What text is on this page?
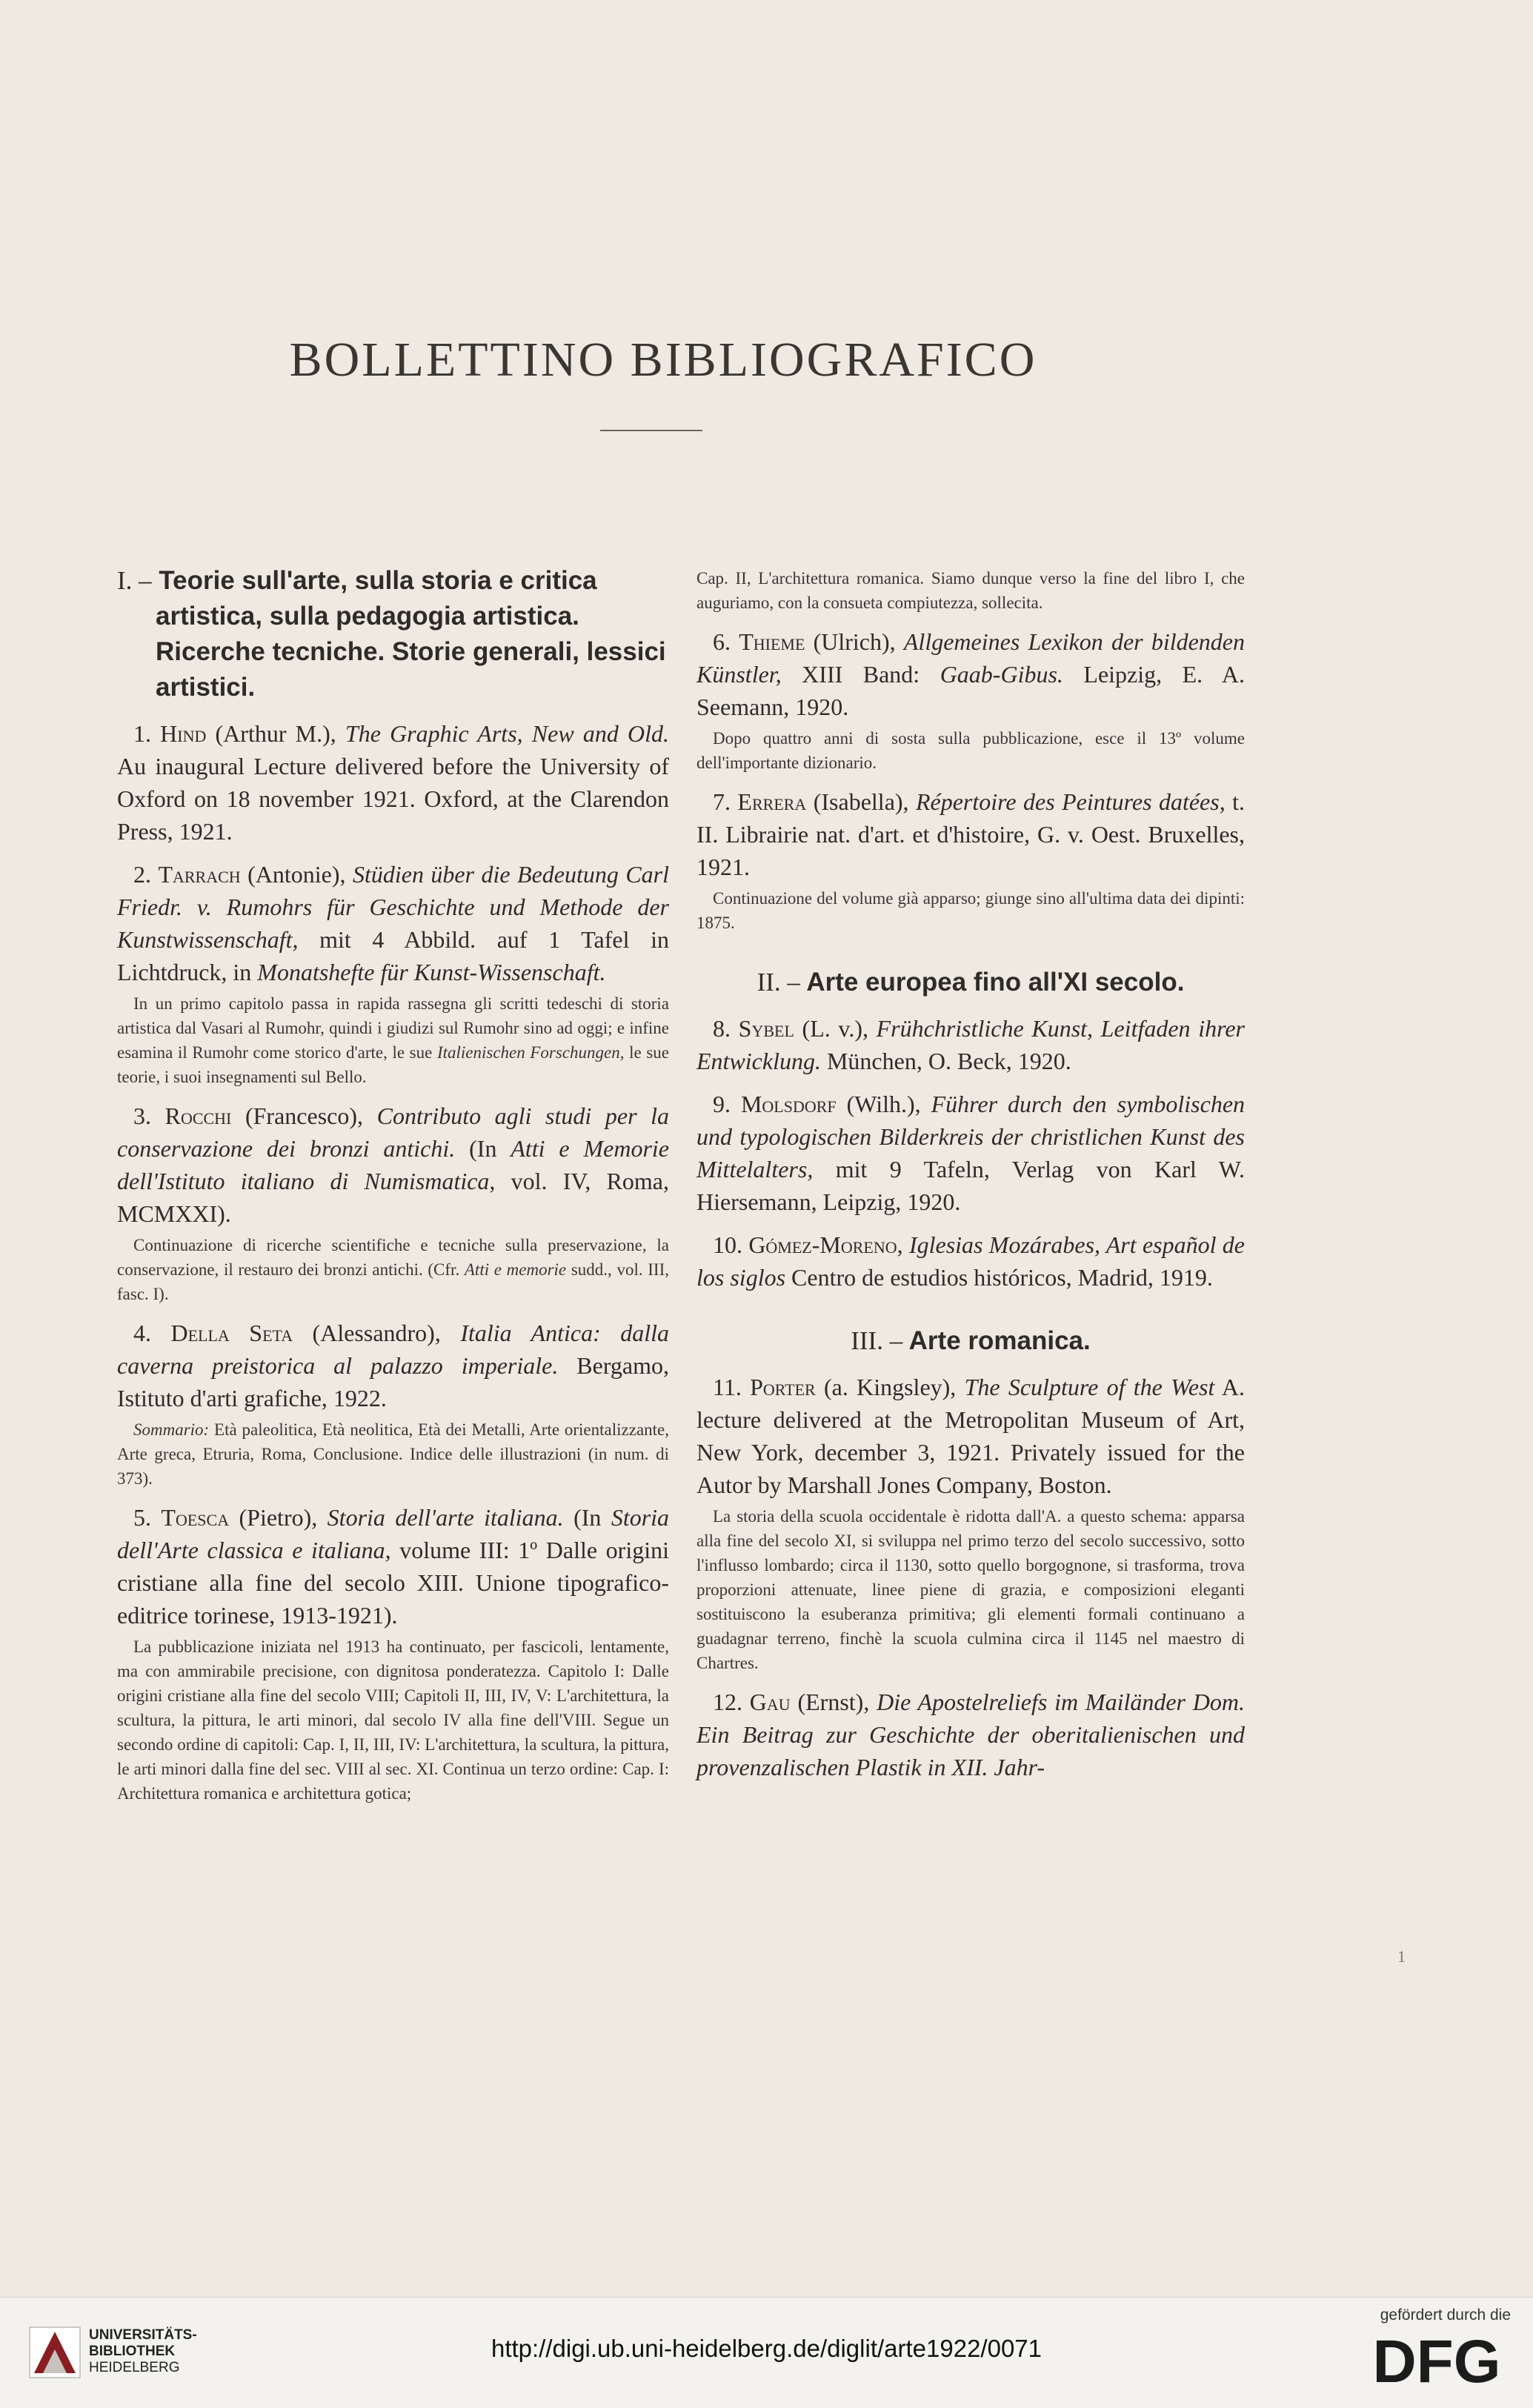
BOLLETTINO BIBLIOGRAFICO
I. – Teorie sull'arte, sulla storia e critica artistica, sulla pedagogia artistica. Ricerche tecniche. Storie generali, lessici artistici.

1. Hind (Arthur M.), The Graphic Arts, New and Old. Au inaugural Lecture delivered before the University of Oxford on 18 november 1921. Oxford, at the Clarendon Press, 1921.

2. Tarrach (Antonie), Stüdien über die Bedeutung Carl Friedr. v. Rumohrs für Geschichte und Methode der Kunstwissenschaft, mit 4 Abbild. auf 1 Tafel in Lichtdruck, in Monatshefte für Kunst-Wissenschaft.

In un primo capitolo passa in rapida rassegna gli scritti tedeschi di storia artistica dal Vasari al Rumohr, quindi i giudizi sul Rumohr sino ad oggi; e infine esamina il Rumohr come storico d'arte, le sue Italienischen Forschungen, le sue teorie, i suoi insegnamenti sul Bello.

3. Rocchi (Francesco), Contributo agli studi per la conservazione dei bronzi antichi. (In Atti e Memorie dell'Istituto italiano di Numismatica, vol. IV, Roma, MCMXXI).

Continuazione di ricerche scientifiche e tecniche sulla preservazione, la conservazione, il restauro dei bronzi antichi. (Cfr. Atti e memorie sudd., vol. III, fasc. I).

4. Della Seta (Alessandro), Italia Antica: dalla caverna preistorica al palazzo imperiale. Bergamo, Istituto d'arti grafiche, 1922.

Sommario: Età paleolitica, Età neolitica, Età dei Metalli, Arte orientalizzante, Arte greca, Etruria, Roma, Conclusione. Indice delle illustrazioni (in num. di 373).

5. Toesca (Pietro), Storia dell'arte italiana. (In Storia dell'Arte classica e italiana, volume III: 1º Dalle origini cristiane alla fine del secolo XIII. Unione tipografico-editrice torinese, 1913-1921).

La pubblicazione iniziata nel 1913 ha continuato, per fascicoli, lentamente, ma con ammirabile precisione, con dignitosa ponderatezza. Capitolo I: Dalle origini cristiane alla fine del secolo VIII; Capitoli II, III, IV, V: L'architettura, la scultura, la pittura, le arti minori, dal secolo IV alla fine dell'VIII. Segue un secondo ordine di capitoli: Cap. I, II, III, IV: L'architettura, la scultura, la pittura, le arti minori dalla fine del sec. VIII al sec. XI. Continua un terzo ordine: Cap. I: Architettura romanica e architettura gotica;

Cap. II, L'architettura romanica. Siamo dunque verso la fine del libro I, che auguriamo, con la consueta compiutezza, sollecita.

6. Thieme (Ulrich), Allgemeines Lexikon der bildenden Künstler, XIII Band: Gaab-Gibus. Leipzig, E. A. Seemann, 1920.

Dopo quattro anni di sosta sulla pubblicazione, esce il 13º volume dell'importante dizionario.

7. Errera (Isabella), Répertoire des Peintures datées, t. II. Librairie nat. d'art. et d'histoire, G. v. Oest. Bruxelles, 1921.

Continuazione del volume già apparso; giunge sino all'ultima data dei dipinti: 1875.

II. – Arte europea fino all'XI secolo.

8. Sybel (L. v.), Frühchristliche Kunst, Leitfaden ihrer Entwicklung. München, O. Beck, 1920.

9. Molsdorf (Wilh.), Führer durch den symbolischen und typologischen Bilderkreis der christlichen Kunst des Mittelalters, mit 9 Tafeln, Verlag von Karl W. Hiersemann, Leipzig, 1920.

10. Gómez-Moreno, Iglesias Mozárabes, Art español de los siglos Centro de estudios históricos, Madrid, 1919.

III. – Arte romanica.

11. Porter (a. Kingsley), The Sculpture of the West A. lecture delivered at the Metropolitan Museum of Art, New York, december 3, 1921. Privately issued for the Autor by Marshall Jones Company, Boston.

La storia della scuola occidentale è ridotta dall'A. a questo schema: apparsa alla fine del secolo XI, si sviluppa nel primo terzo del secolo successivo, sotto l'influsso lombardo; circa il 1130, sotto quello borgognone, si trasforma, trova proporzioni attenuate, linee piene di grazia, e composizioni eleganti sostituiscono la esuberanza primitiva; gli elementi formali continuano a guadagnar terreno, finchè la scuola culmina circa il 1145 nel maestro di Chartres.

12. Gau (Ernst), Die Apostelreliefs im Mailänder Dom. Ein Beitrag zur Geschichte der oberitalienischen und provenzalischen Plastik in XII. Jahr-

1
UNIVERSITÄTS-
BIBLIOTHEK
HEIDELBERG
http://digi.ub.uni-heidelberg.de/diglit/arte1922/0071
gefördert durch die
DFG
